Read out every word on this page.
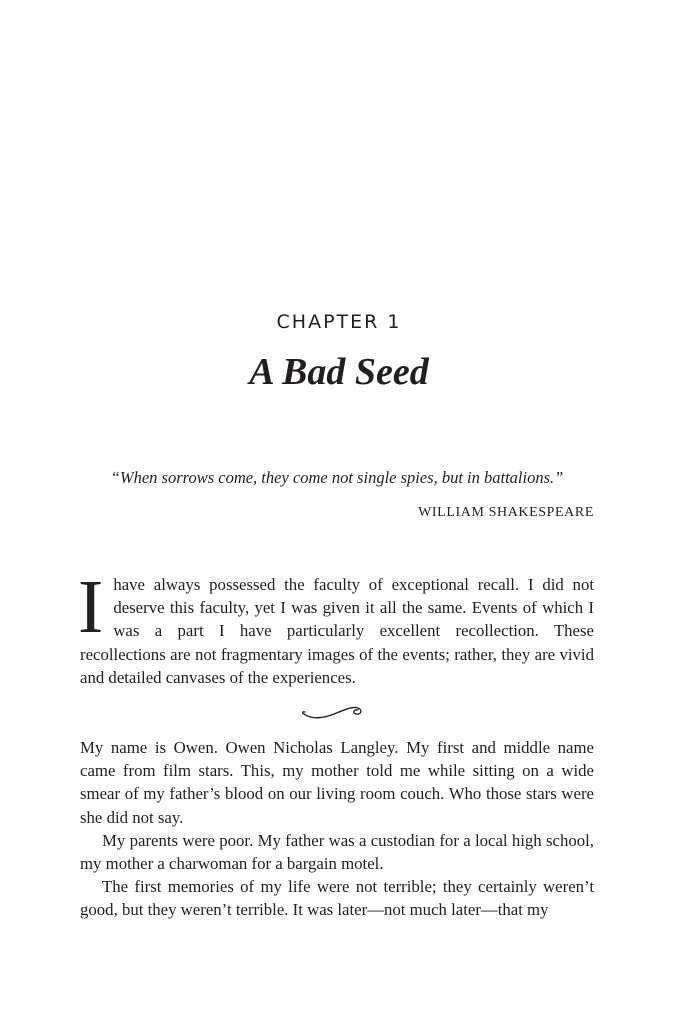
CHAPTER 1
A Bad Seed

“When sorrows come, they come not single spies, but in battalions.”

WILLIAM SHAKESPEARE

Ihave always possessed the faculty of exceptional recall. I did not deserve this faculty, yet I was given it all the same. Events of which I was a part I have particularly excellent recollection. These recollections are not fragmentary images of the events; rather, they are vivid and detailed canvases of the experiences.

My name is Owen. Owen Nicholas Langley. My first and middle name came from film stars. This, my mother told me while sitting on a wide smear of my father’s blood on our living room couch. Who those stars were she did not say.

My parents were poor. My father was a custodian for a local high school, my mother a charwoman for a bargain motel.

The first memories of my life were not terrible; they certainly weren’t good, but they weren’t terrible. It was later—not much later—that my
